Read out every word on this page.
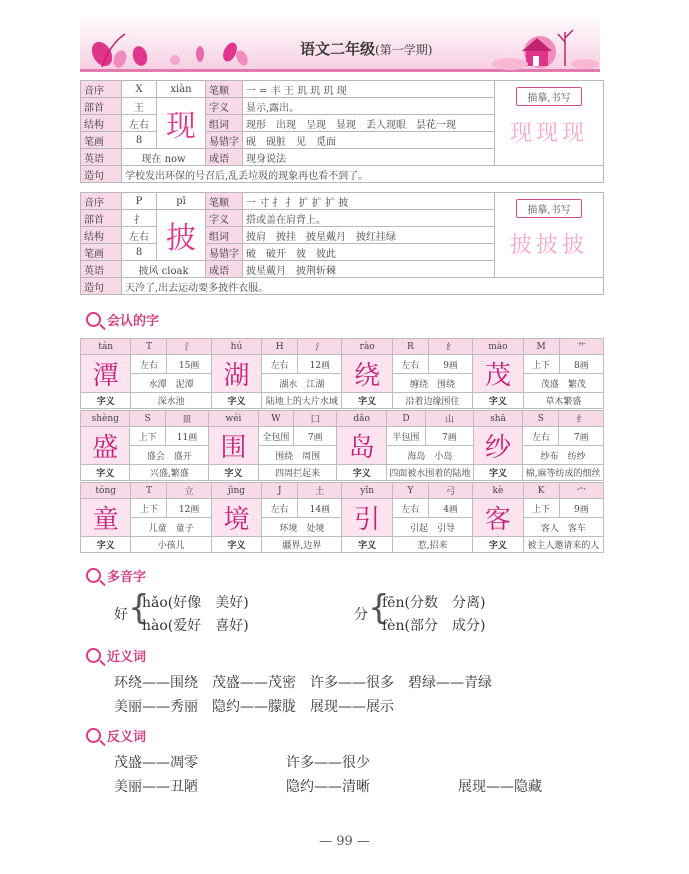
语文二年级(第一学期)
音序	X	xiàn	笔顺	一 = 丰 王 玑 玑 玑 现	描摹,书写
现现现

部首	王	现	字义	显示,露出。	
结构	左右		组词	现形　出现　呈现　显现　丢人现眼　昙花一现	
笔画	8		易错字	砚　砚脏　见　觅面	
英语	现在 now		成语	现身说法	
造句	学校发出环保的号召后,乱丢垃圾的现象再也看不到了。				
音序	P	pī	笔顺	一 寸 扌 扌 扩 扩 扩 披	描摹,书写
披披披

部首	扌	披	字义	搭或盖在肩背上。	
结构	左右		组词	披肩　披挂　披星戴月　披红挂绿	
笔画	8		易错字	破　破开　彼　彼此	
英语	披风 cloak		成语	披星戴月　披荆斩棘	
造句	天冷了,出去运动要多披件衣服。				
会认的字
tán	T	氵	hú	H	氵	rào	R	纟	mào	M	艹
潭	左右	15画	湖	左右	12画	绕	左右	9画	茂	上下	8画
	水潭　泥潭			湖水　江湖			缠绕　围绕			茂盛　繁茂	
字义	深水池		字义	陆地上的大片水域		字义	沿着边缘围住		字义	草木繁盛	
shèng	S	皿	wéi	W	囗	dǎo	D	山	shā	S	纟
盛	上下	11画	围	全包围	7画	岛	半包围	7画	纱	左右	7画
	盛会　盛开			围绕　周围			海岛　小岛			纱布　纺纱	
字义	兴盛,繁盛		字义	四周拦起来		字义	四面被水围着的陆地		字义	棉,麻等纺成的细丝	
tóng	T	立	jìng	J	土	yǐn	Y	弓	kè	K	宀
童	上下	12画	境	左右	14画	引	左右	4画	客	上下	9画
	儿童　童子			环境　处境			引起　引导			客人　客车	
字义	小孩儿		字义	疆界,边界		字义	惹,招来		字义	被主人邀请来的人	
多音字
好 {
hǎo(好像　美好)
hào(爱好　喜好)
分 {
fēn(分数　分离)
fèn(部分　成分)
近义词
环绕——围绕　茂盛——茂密　许多——很多　碧绿——青绿
美丽——秀丽　隐约——朦胧　展现——展示
反义词
茂盛——凋零	许多——很少
美丽——丑陋	隐约——清晰	展现——隐藏
— 99 —
